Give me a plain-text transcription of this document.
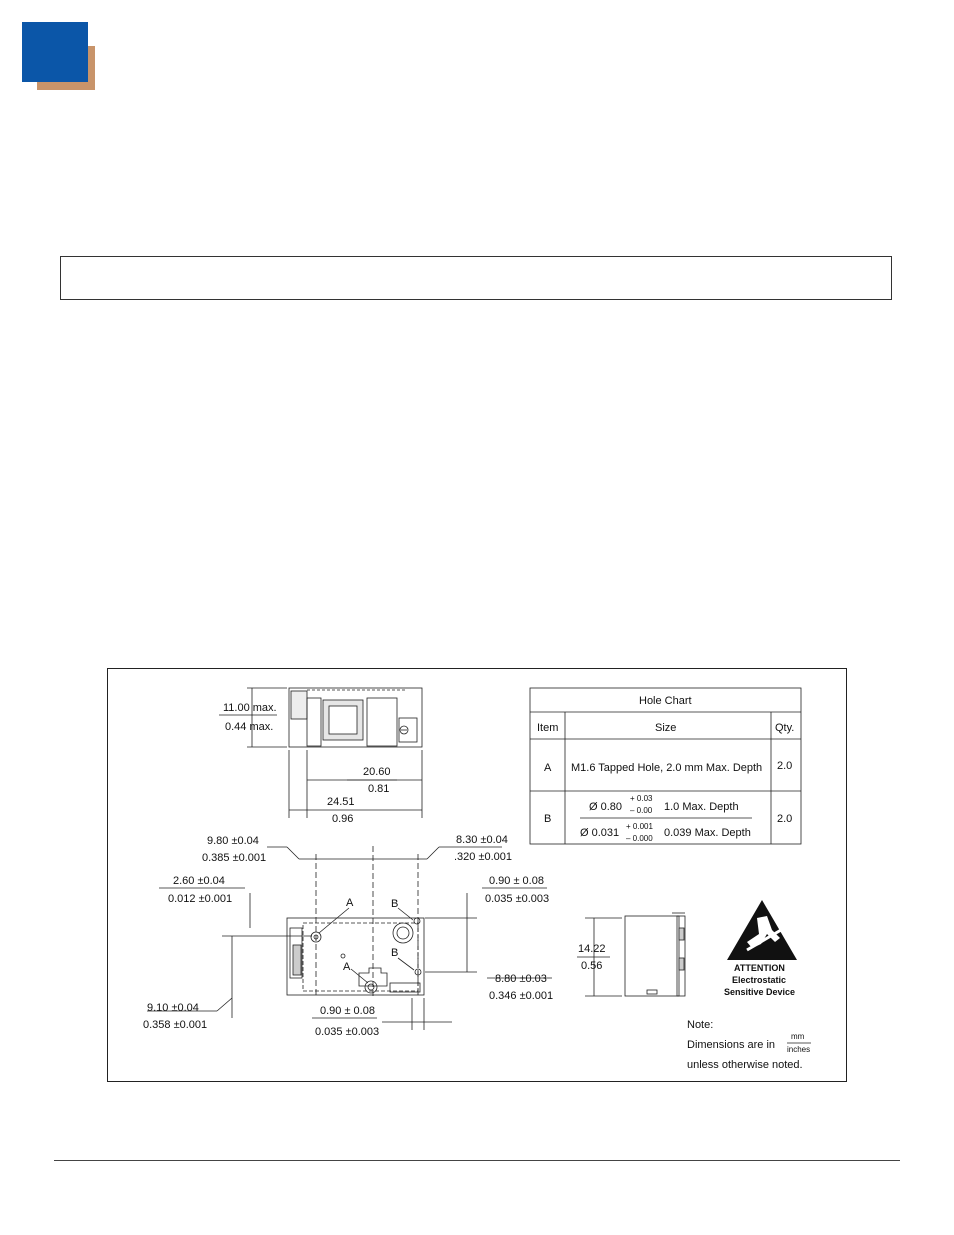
11.00 max.
0.44 max.
20.60
0.81
24.51
0.96
9.80 ±0.04
0.385 ±0.001
8.30 ±0.04
.320 ±0.001
2.60 ±0.04
0.012 ±0.001
0.90 ± 0.08
0.035 ±0.003
8.80 ±0.03
0.346 ±0.001
9.10 ±0.04
0.358 ±0.001
0.90 ± 0.08
0.035 ±0.003
A	B
A
B	14.22
0.56
Hole Chart
Item	Size	Qty.
A M1.6 Tapped Hole, 2.0 mm Max. Depth 2.0
B
Ø 0.80	1.0 Max. Depth
Ø 0.031	0.039 Max. Depth
2.0
Note:
Dimensions are in
unless otherwise noted.
+ 0.03
– 0.00
+ 0.001
– 0.000
mm
inches
ATTENTION
Electrostatic
Sensitive Device
